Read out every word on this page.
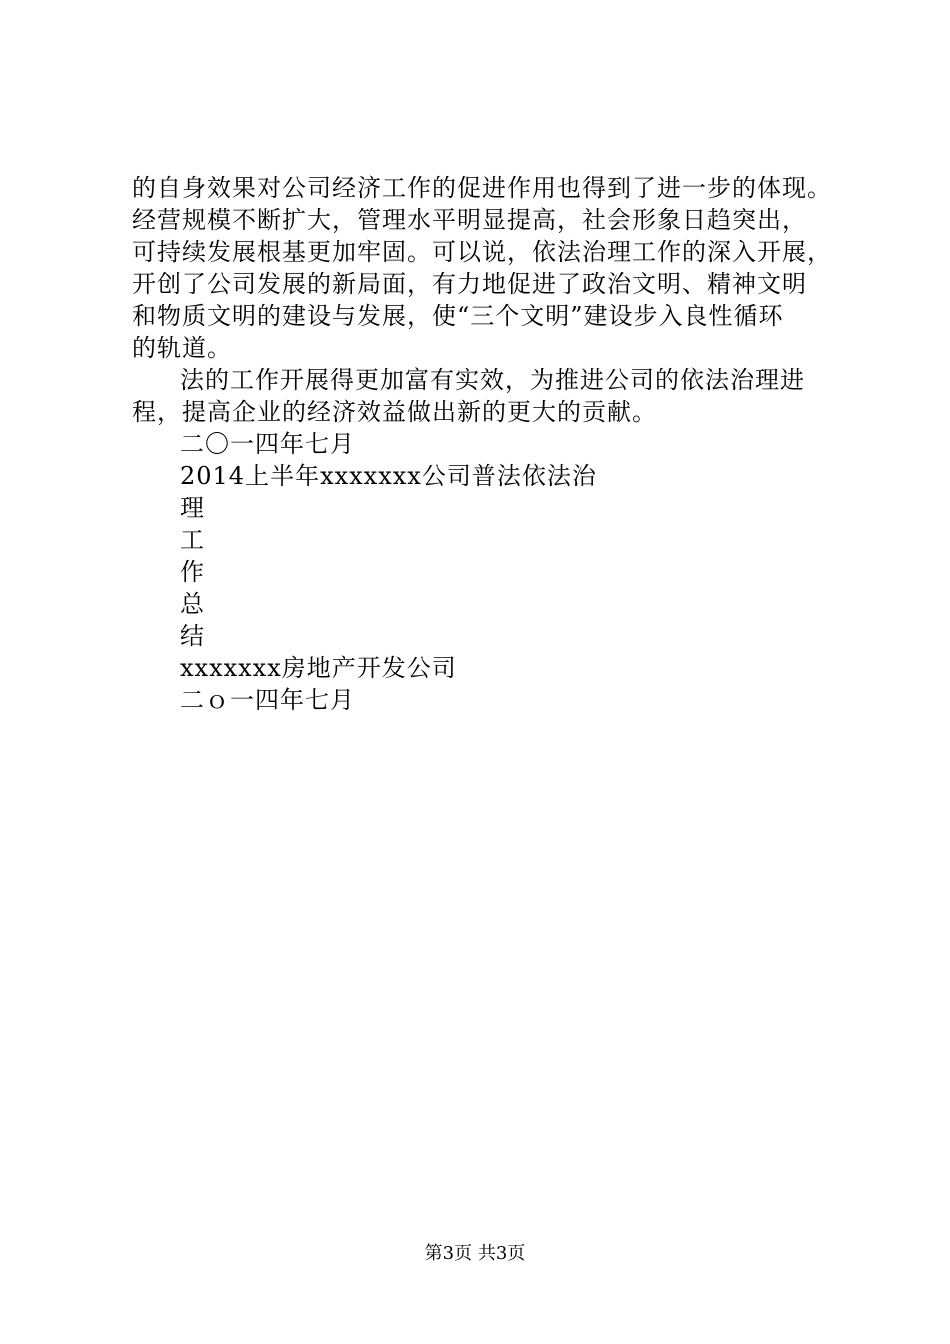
的自身效果对公司经济工作的促进作用也得到了进一步的体现。
经营规模不断扩大，管理水平明显提高，社会形象日趋突出，
可持续发展根基更加牢固。可以说，依法治理工作的深入开展，
开创了公司发展的新局面，有力地促进了政治文明、精神文明
和物质文明的建设与发展，使“三个文明”建设步入良性循环
的轨道。
法的工作开展得更加富有实效，为推进公司的依法治理进
程，提高企业的经济效益做出新的更大的贡献。
二〇一四年七月
2014上半年xxxxxxx公司普法依法治
理
工
作
总
结
xxxxxxx房地产开发公司
二ｏ一四年七月
第3页 共3页
